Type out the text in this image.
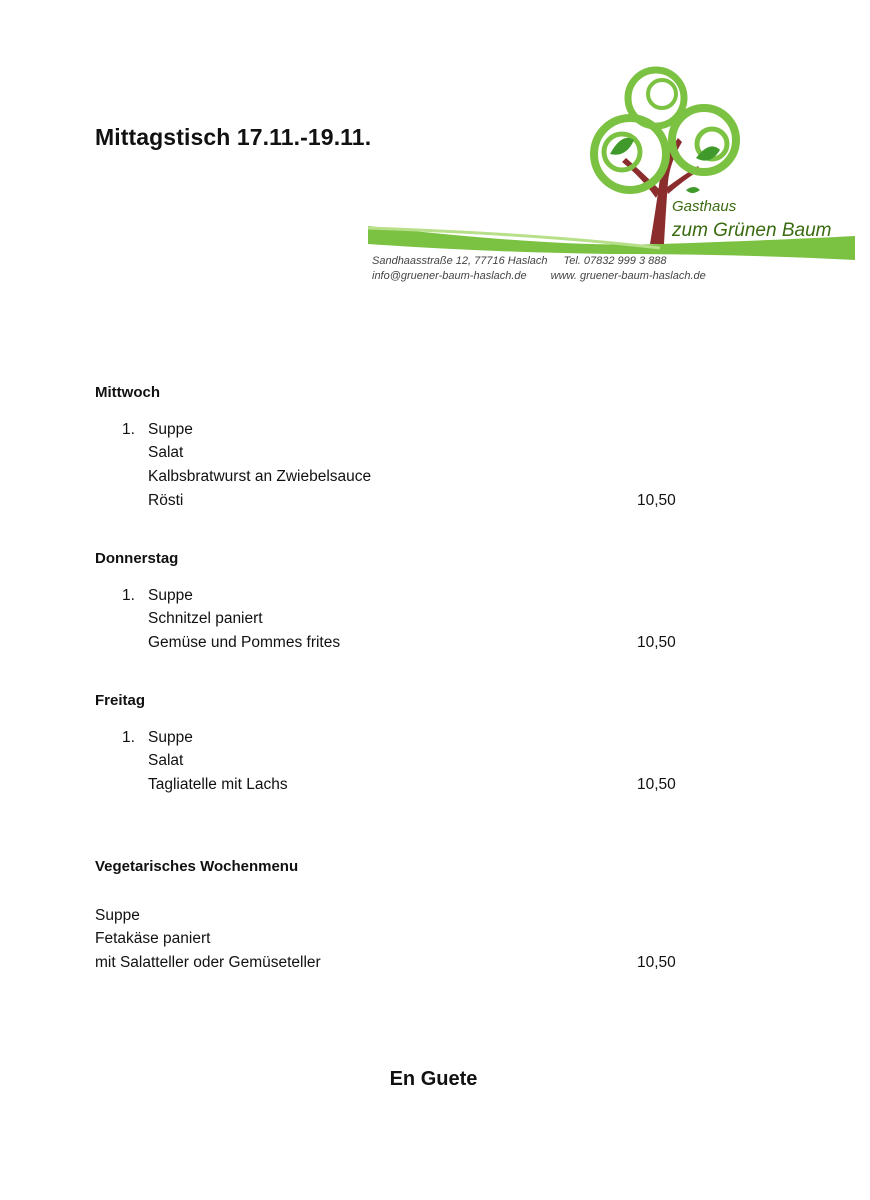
Mittagstisch 17.11.-19.11.
Gasthaus
zum Grünen Baum
Sandhaasstraße 12, 77716 Haslach Tel. 07832 999 3 888
info@gruener-baum-haslach.de www. gruener-baum-haslach.de
Mittwoch
1. Suppe
Salat
Kalbsbratwurst an Zwiebelsauce
Rösti	10,50
Donnerstag
1. Suppe
Schnitzel paniert
Gemüse und Pommes frites	10,50
Freitag
1. Suppe
Salat
Tagliatelle mit Lachs	10,50
Vegetarisches Wochenmenu
Suppe
Fetakäse paniert
mit Salatteller oder Gemüseteller	10,50
En Guete
